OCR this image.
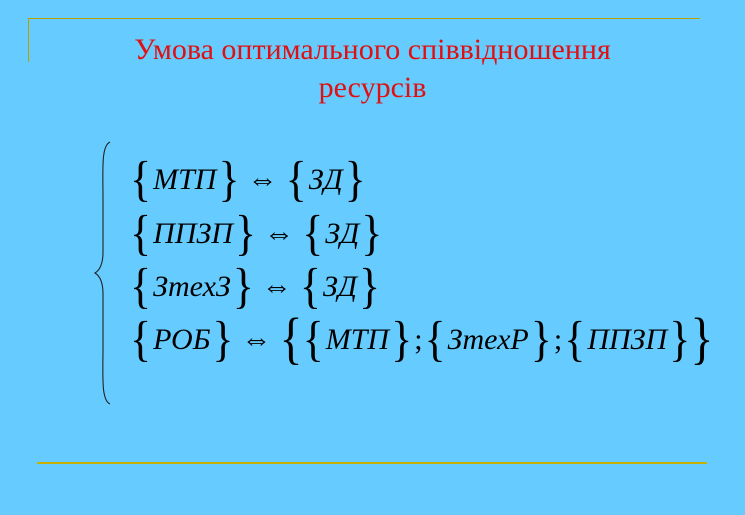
Умова оптимального співвідношення
ресурсів
{ МТП } ⇔ { ЗД }
{ ППЗП } ⇔ { ЗД }
{ ЗтехЗ } ⇔ { ЗД }
{ РОБ } ⇔ { { МТП } ; { ЗтехР } ; { ППЗП } }
